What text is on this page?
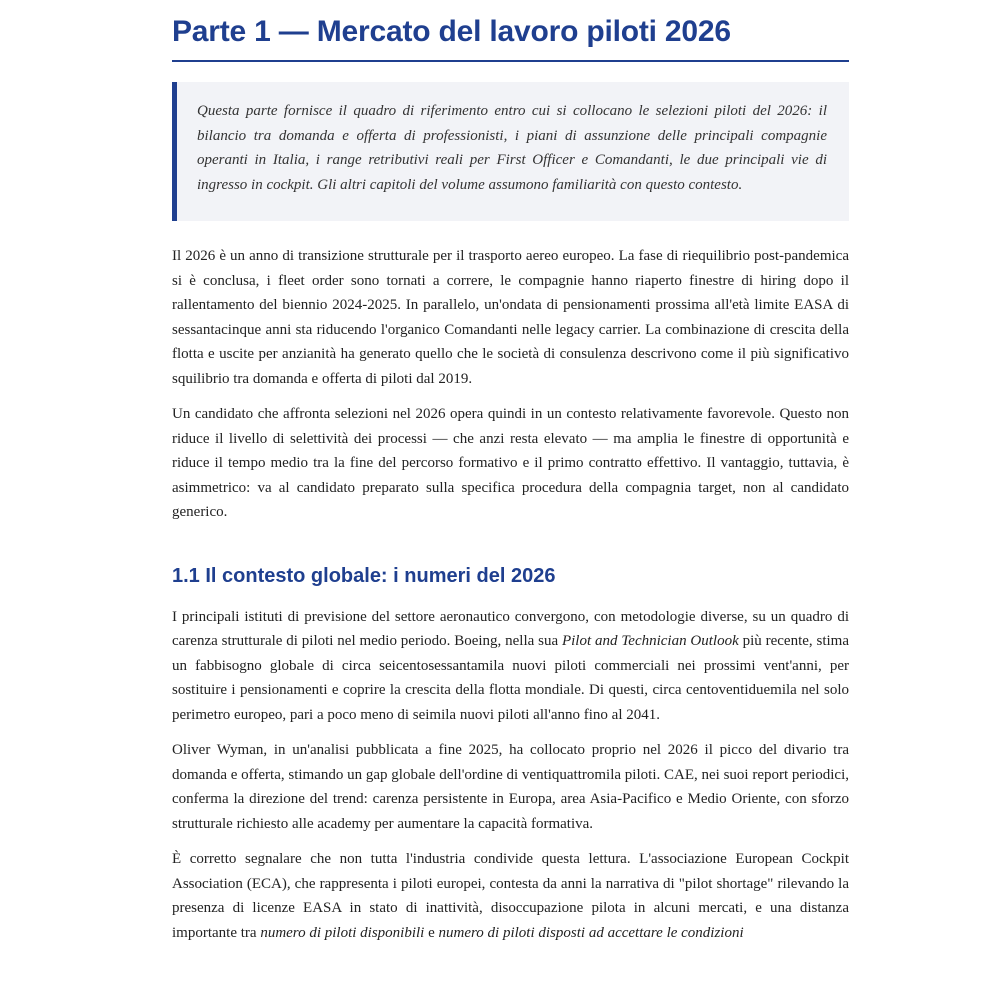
Parte 1 — Mercato del lavoro piloti 2026

Questa parte fornisce il quadro di riferimento entro cui si collocano le selezioni piloti del 2026: il bilancio tra domanda e offerta di professionisti, i piani di assunzione delle principali compagnie operanti in Italia, i range retributivi reali per First Officer e Comandanti, le due principali vie di ingresso in cockpit. Gli altri capitoli del volume assumono familiarità con questo contesto.

Il 2026 è un anno di transizione strutturale per il trasporto aereo europeo. La fase di riequilibrio post-pandemica si è conclusa, i fleet order sono tornati a correre, le compagnie hanno riaperto finestre di hiring dopo il rallentamento del biennio 2024-2025. In parallelo, un'ondata di pensionamenti prossima all'età limite EASA di sessantacinque anni sta riducendo l'organico Comandanti nelle legacy carrier. La combinazione di crescita della flotta e uscite per anzianità ha generato quello che le società di consulenza descrivono come il più significativo squilibrio tra domanda e offerta di piloti dal 2019.

Un candidato che affronta selezioni nel 2026 opera quindi in un contesto relativamente favorevole. Questo non riduce il livello di selettività dei processi — che anzi resta elevato — ma amplia le finestre di opportunità e riduce il tempo medio tra la fine del percorso formativo e il primo contratto effettivo. Il vantaggio, tuttavia, è asimmetrico: va al candidato preparato sulla specifica procedura della compagnia target, non al candidato generico.

1.1 Il contesto globale: i numeri del 2026

I principali istituti di previsione del settore aeronautico convergono, con metodologie diverse, su un quadro di carenza strutturale di piloti nel medio periodo. Boeing, nella sua Pilot and Technician Outlook più recente, stima un fabbisogno globale di circa seicentosessantamila nuovi piloti commerciali nei prossimi vent'anni, per sostituire i pensionamenti e coprire la crescita della flotta mondiale. Di questi, circa centoventiduemila nel solo perimetro europeo, pari a poco meno di seimila nuovi piloti all'anno fino al 2041.

Oliver Wyman, in un'analisi pubblicata a fine 2025, ha collocato proprio nel 2026 il picco del divario tra domanda e offerta, stimando un gap globale dell'ordine di ventiquattromila piloti. CAE, nei suoi report periodici, conferma la direzione del trend: carenza persistente in Europa, area Asia-Pacifico e Medio Oriente, con sforzo strutturale richiesto alle academy per aumentare la capacità formativa.

È corretto segnalare che non tutta l'industria condivide questa lettura. L'associazione European Cockpit Association (ECA), che rappresenta i piloti europei, contesta da anni la narrativa di "pilot shortage" rilevando la presenza di licenze EASA in stato di inattività, disoccupazione pilota in alcuni mercati, e una distanza importante tra numero di piloti disponibili e numero di piloti disposti ad accettare le condizioni
